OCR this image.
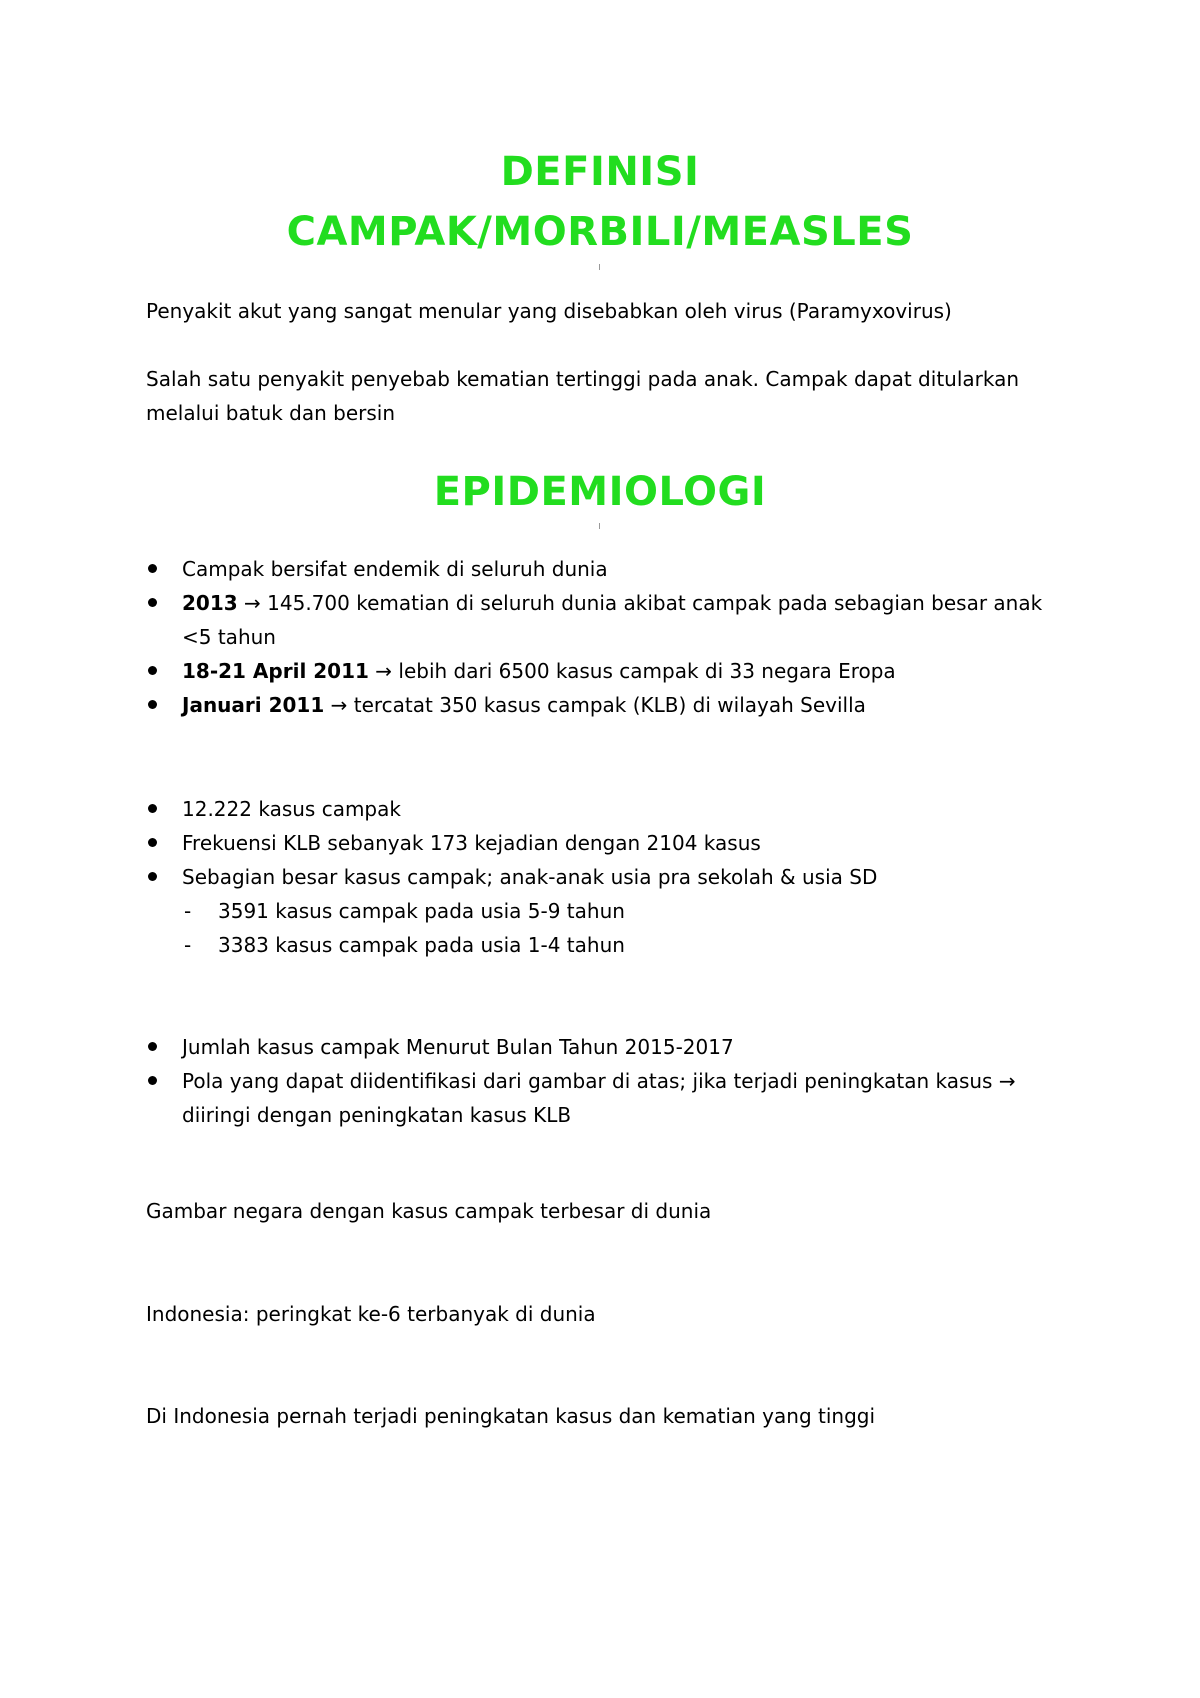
DEFINISI
CAMPAK/MORBILI/MEASLES

Penyakit akut yang sangat menular yang disebabkan oleh virus (Paramyxovirus)

Salah satu penyakit penyebab kematian tertinggi pada anak. Campak dapat ditularkan

melalui batuk dan bersin

EPIDEMIOLOGI
Campak bersifat endemik di seluruh dunia
2013 → 145.700 kematian di seluruh dunia akibat campak pada sebagian besar anak <5 tahun
18-21 April 2011 → lebih dari 6500 kasus campak di 33 negara Eropa
Januari 2011 → tercatat 350 kasus campak (KLB) di wilayah Sevilla
12.222 kasus campak
Frekuensi KLB sebanyak 173 kejadian dengan 2104 kasus
Sebagian besar kasus campak; anak-anak usia pra sekolah & usia SD
- 3591 kasus campak pada usia 5-9 tahun
- 3383 kasus campak pada usia 1-4 tahun
Jumlah kasus campak Menurut Bulan Tahun 2015-2017
Pola yang dapat diidentifikasi dari gambar di atas; jika terjadi peningkatan kasus → diiringi dengan peningkatan kasus KLB

Gambar negara dengan kasus campak terbesar di dunia

Indonesia: peringkat ke-6 terbanyak di dunia

Di Indonesia pernah terjadi peningkatan kasus dan kematian yang tinggi
